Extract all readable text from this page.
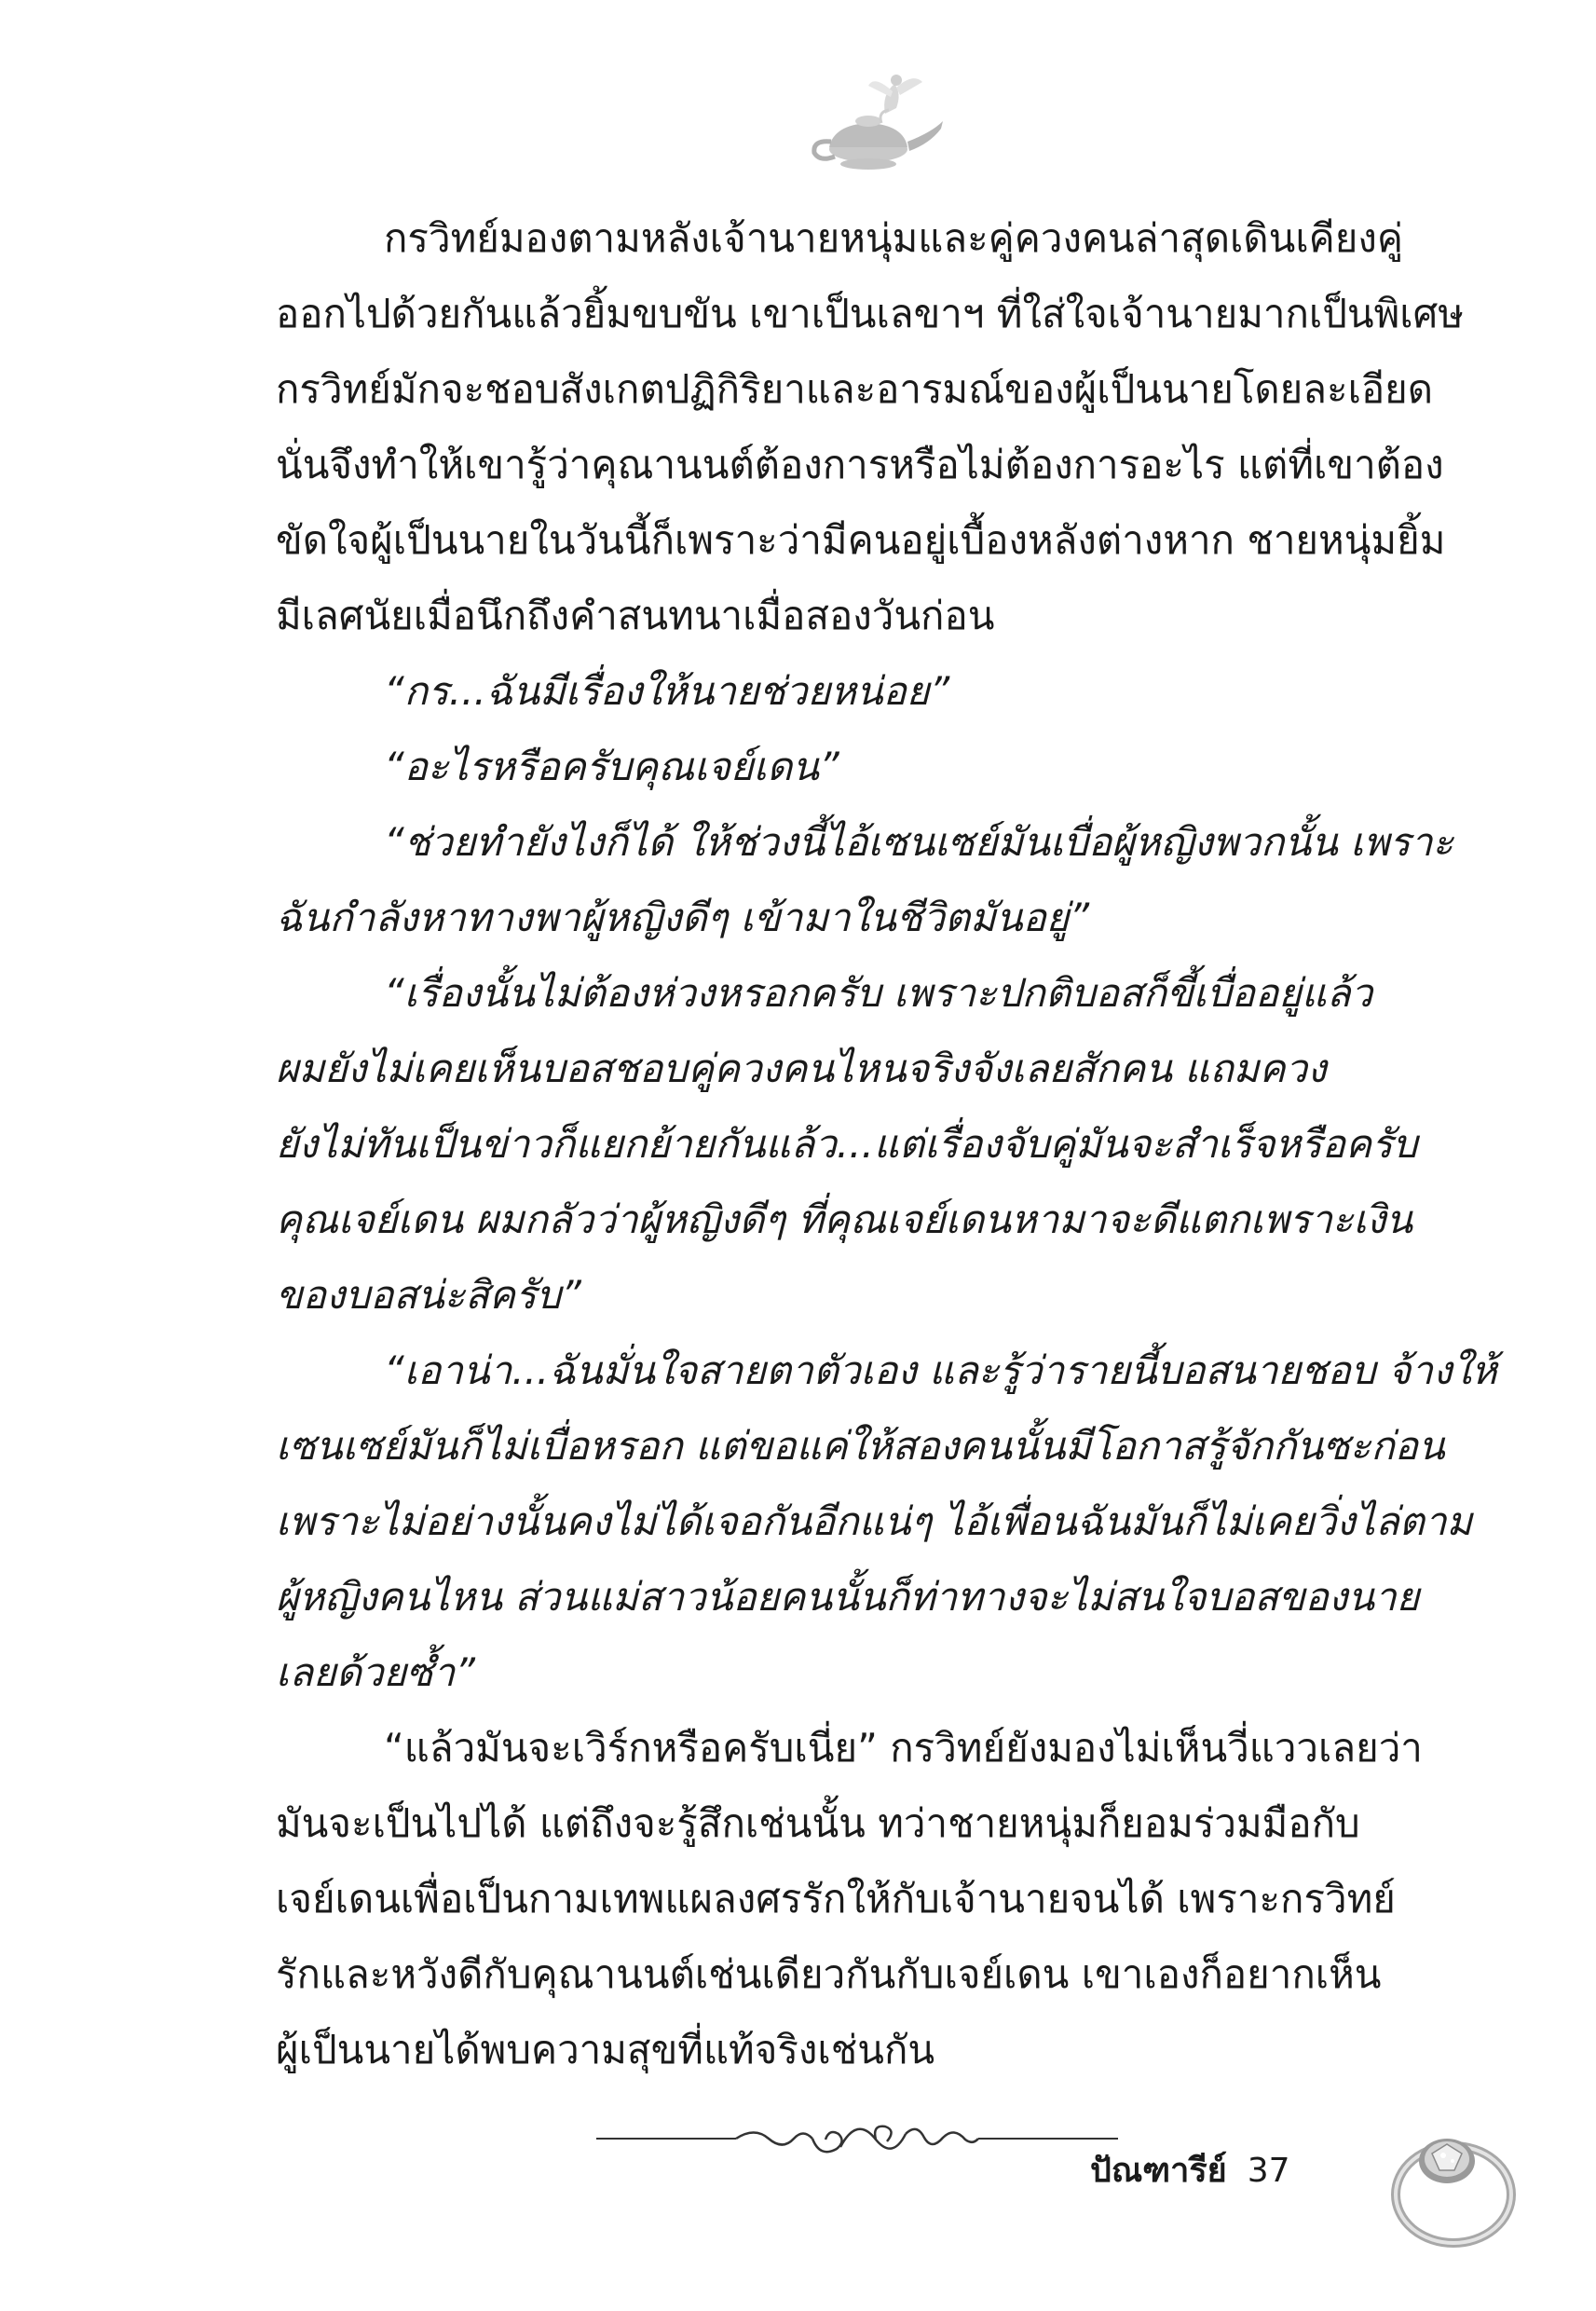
กรวิทย์มองตามหลังเจ้านายหนุ่มและคู่ควงคนล่าสุดเดินเคียงคู่
ออกไปด้วยกันแล้วยิ้มขบขัน เขาเป็นเลขาฯ ที่ใส่ใจเจ้านายมากเป็นพิเศษ
กรวิทย์มักจะชอบสังเกตปฏิกิริยาและอารมณ์ของผู้เป็นนายโดยละเอียด
นั่นจึงทำให้เขารู้ว่าคุณานนต์ต้องการหรือไม่ต้องการอะไร แต่ที่เขาต้อง
ขัดใจผู้เป็นนายในวันนี้ก็เพราะว่ามีคนอยู่เบื้องหลังต่างหาก ชายหนุ่มยิ้ม
มีเลศนัยเมื่อนึกถึงคำสนทนาเมื่อสองวันก่อน
“กร...ฉันมีเรื่องให้นายช่วยหน่อย”
“อะไรหรือครับคุณเจย์เดน”
“ช่วยทำยังไงก็ได้ ให้ช่วงนี้ไอ้เซนเซย์มันเบื่อผู้หญิงพวกนั้น เพราะ
ฉันกำลังหาทางพาผู้หญิงดีๆ เข้ามาในชีวิตมันอยู่”
“เรื่องนั้นไม่ต้องห่วงหรอกครับ เพราะปกติบอสก็ขี้เบื่ออยู่แล้ว
ผมยังไม่เคยเห็นบอสชอบคู่ควงคนไหนจริงจังเลยสักคน แถมควง
ยังไม่ทันเป็นข่าวก็แยกย้ายกันแล้ว...แต่เรื่องจับคู่มันจะสำเร็จหรือครับ
คุณเจย์เดน ผมกลัวว่าผู้หญิงดีๆ ที่คุณเจย์เดนหามาจะดีแตกเพราะเงิน
ของบอสน่ะสิครับ”
“เอาน่า...ฉันมั่นใจสายตาตัวเอง และรู้ว่ารายนี้บอสนายชอบ จ้างให้
เซนเซย์มันก็ไม่เบื่อหรอก แต่ขอแค่ให้สองคนนั้นมีโอกาสรู้จักกันซะก่อน
เพราะไม่อย่างนั้นคงไม่ได้เจอกันอีกแน่ๆ ไอ้เพื่อนฉันมันก็ไม่เคยวิ่งไล่ตาม
ผู้หญิงคนไหน ส่วนแม่สาวน้อยคนนั้นก็ท่าทางจะไม่สนใจบอสของนาย
เลยด้วยซ้ำ”
“แล้วมันจะเวิร์กหรือครับเนี่ย” กรวิทย์ยังมองไม่เห็นวี่แววเลยว่า
มันจะเป็นไปได้ แต่ถึงจะรู้สึกเช่นนั้น ทว่าชายหนุ่มก็ยอมร่วมมือกับ
เจย์เดนเพื่อเป็นกามเทพแผลงศรรักให้กับเจ้านายจนได้ เพราะกรวิทย์
รักและหวังดีกับคุณานนต์เช่นเดียวกันกับเจย์เดน เขาเองก็อยากเห็น
ผู้เป็นนายได้พบความสุขที่แท้จริงเช่นกัน
ปัณฑารีย์ 37
